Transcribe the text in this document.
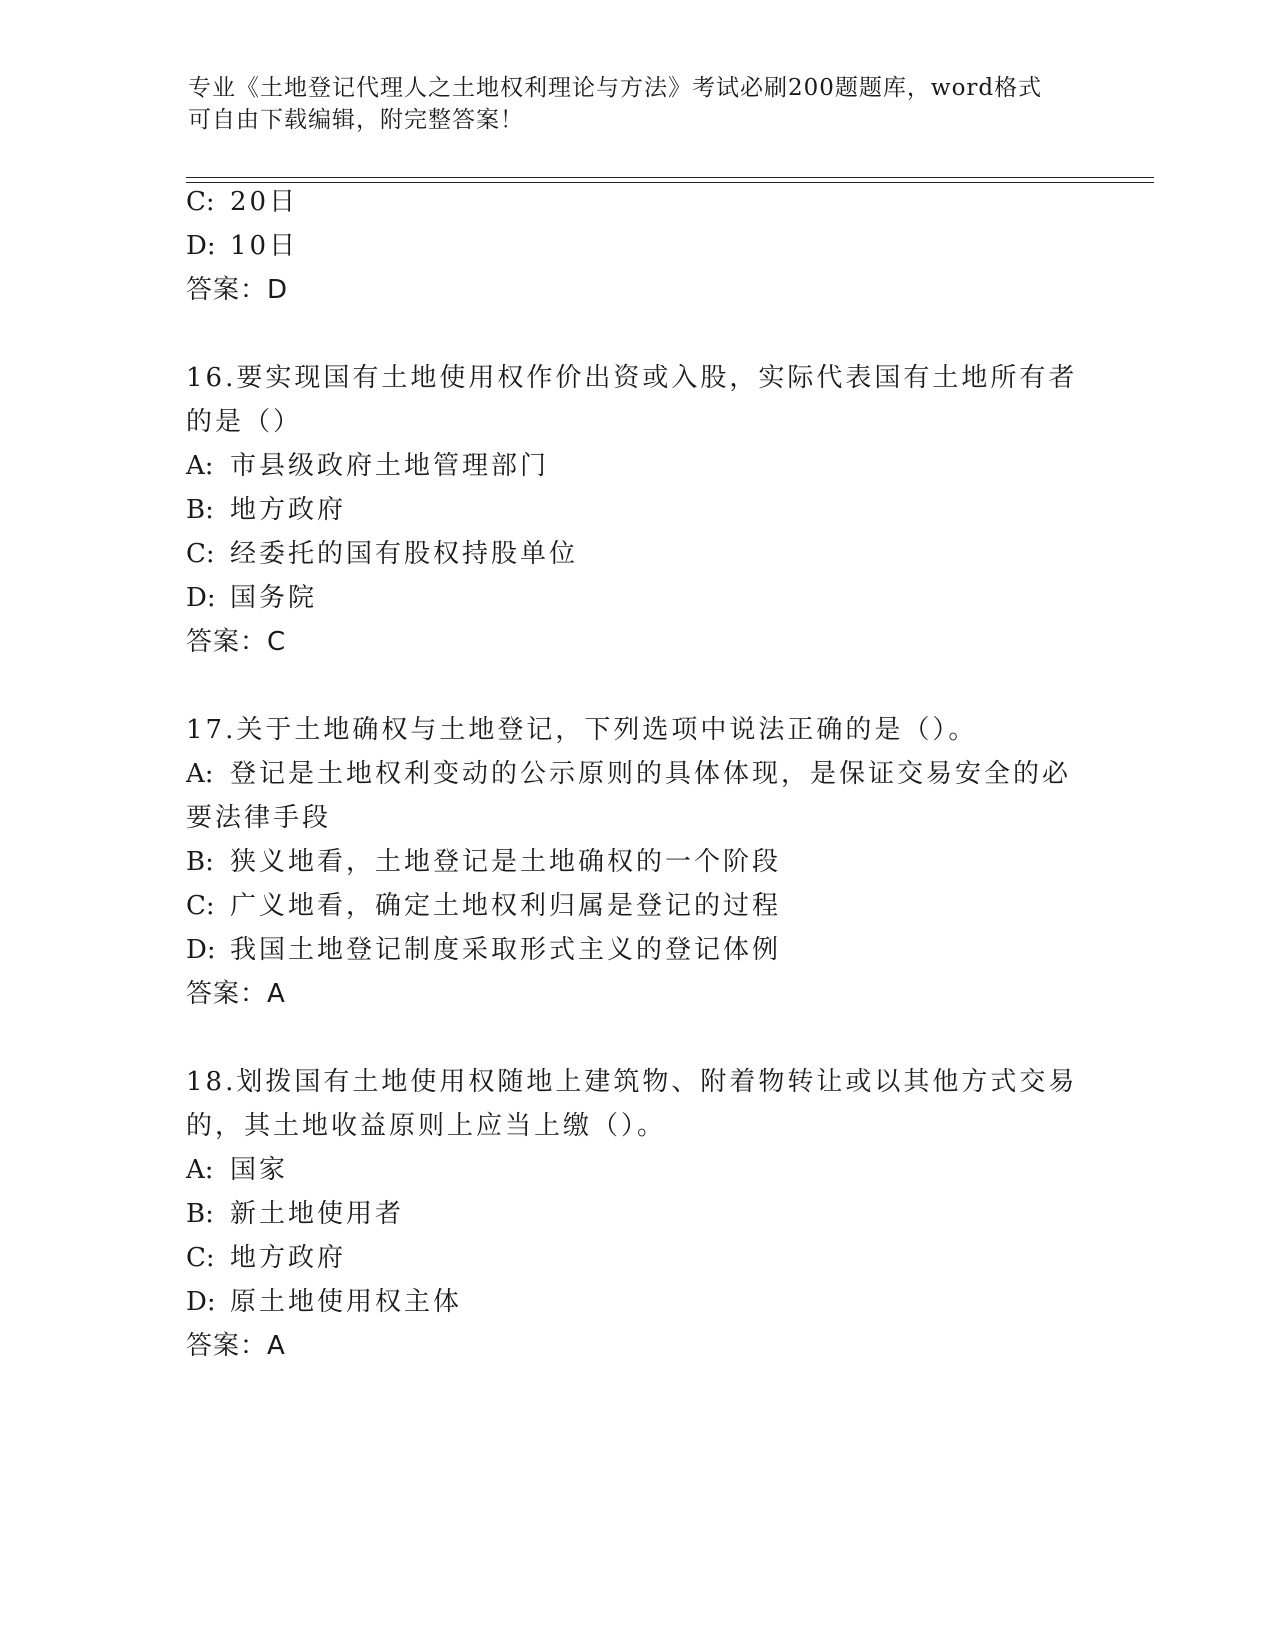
专业《土地登记代理人之土地权利理论与方法》考试必刷200题题库，word格式
可自由下载编辑，附完整答案！
C: 20日
D: 10日
答案：D
16.要实现国有土地使用权作价出资或入股，实际代表国有土地所有者
的是（）
A: 市县级政府土地管理部门
B: 地方政府
C: 经委托的国有股权持股单位
D: 国务院
答案：C
17.关于土地确权与土地登记，下列选项中说法正确的是（）。
A: 登记是土地权利变动的公示原则的具体体现，是保证交易安全的必
要法律手段
B: 狭义地看，土地登记是土地确权的一个阶段
C: 广义地看，确定土地权利归属是登记的过程
D: 我国土地登记制度采取形式主义的登记体例
答案：A
18.划拨国有土地使用权随地上建筑物、附着物转让或以其他方式交易
的，其土地收益原则上应当上缴（）。
A: 国家
B: 新土地使用者
C: 地方政府
D: 原土地使用权主体
答案：A
